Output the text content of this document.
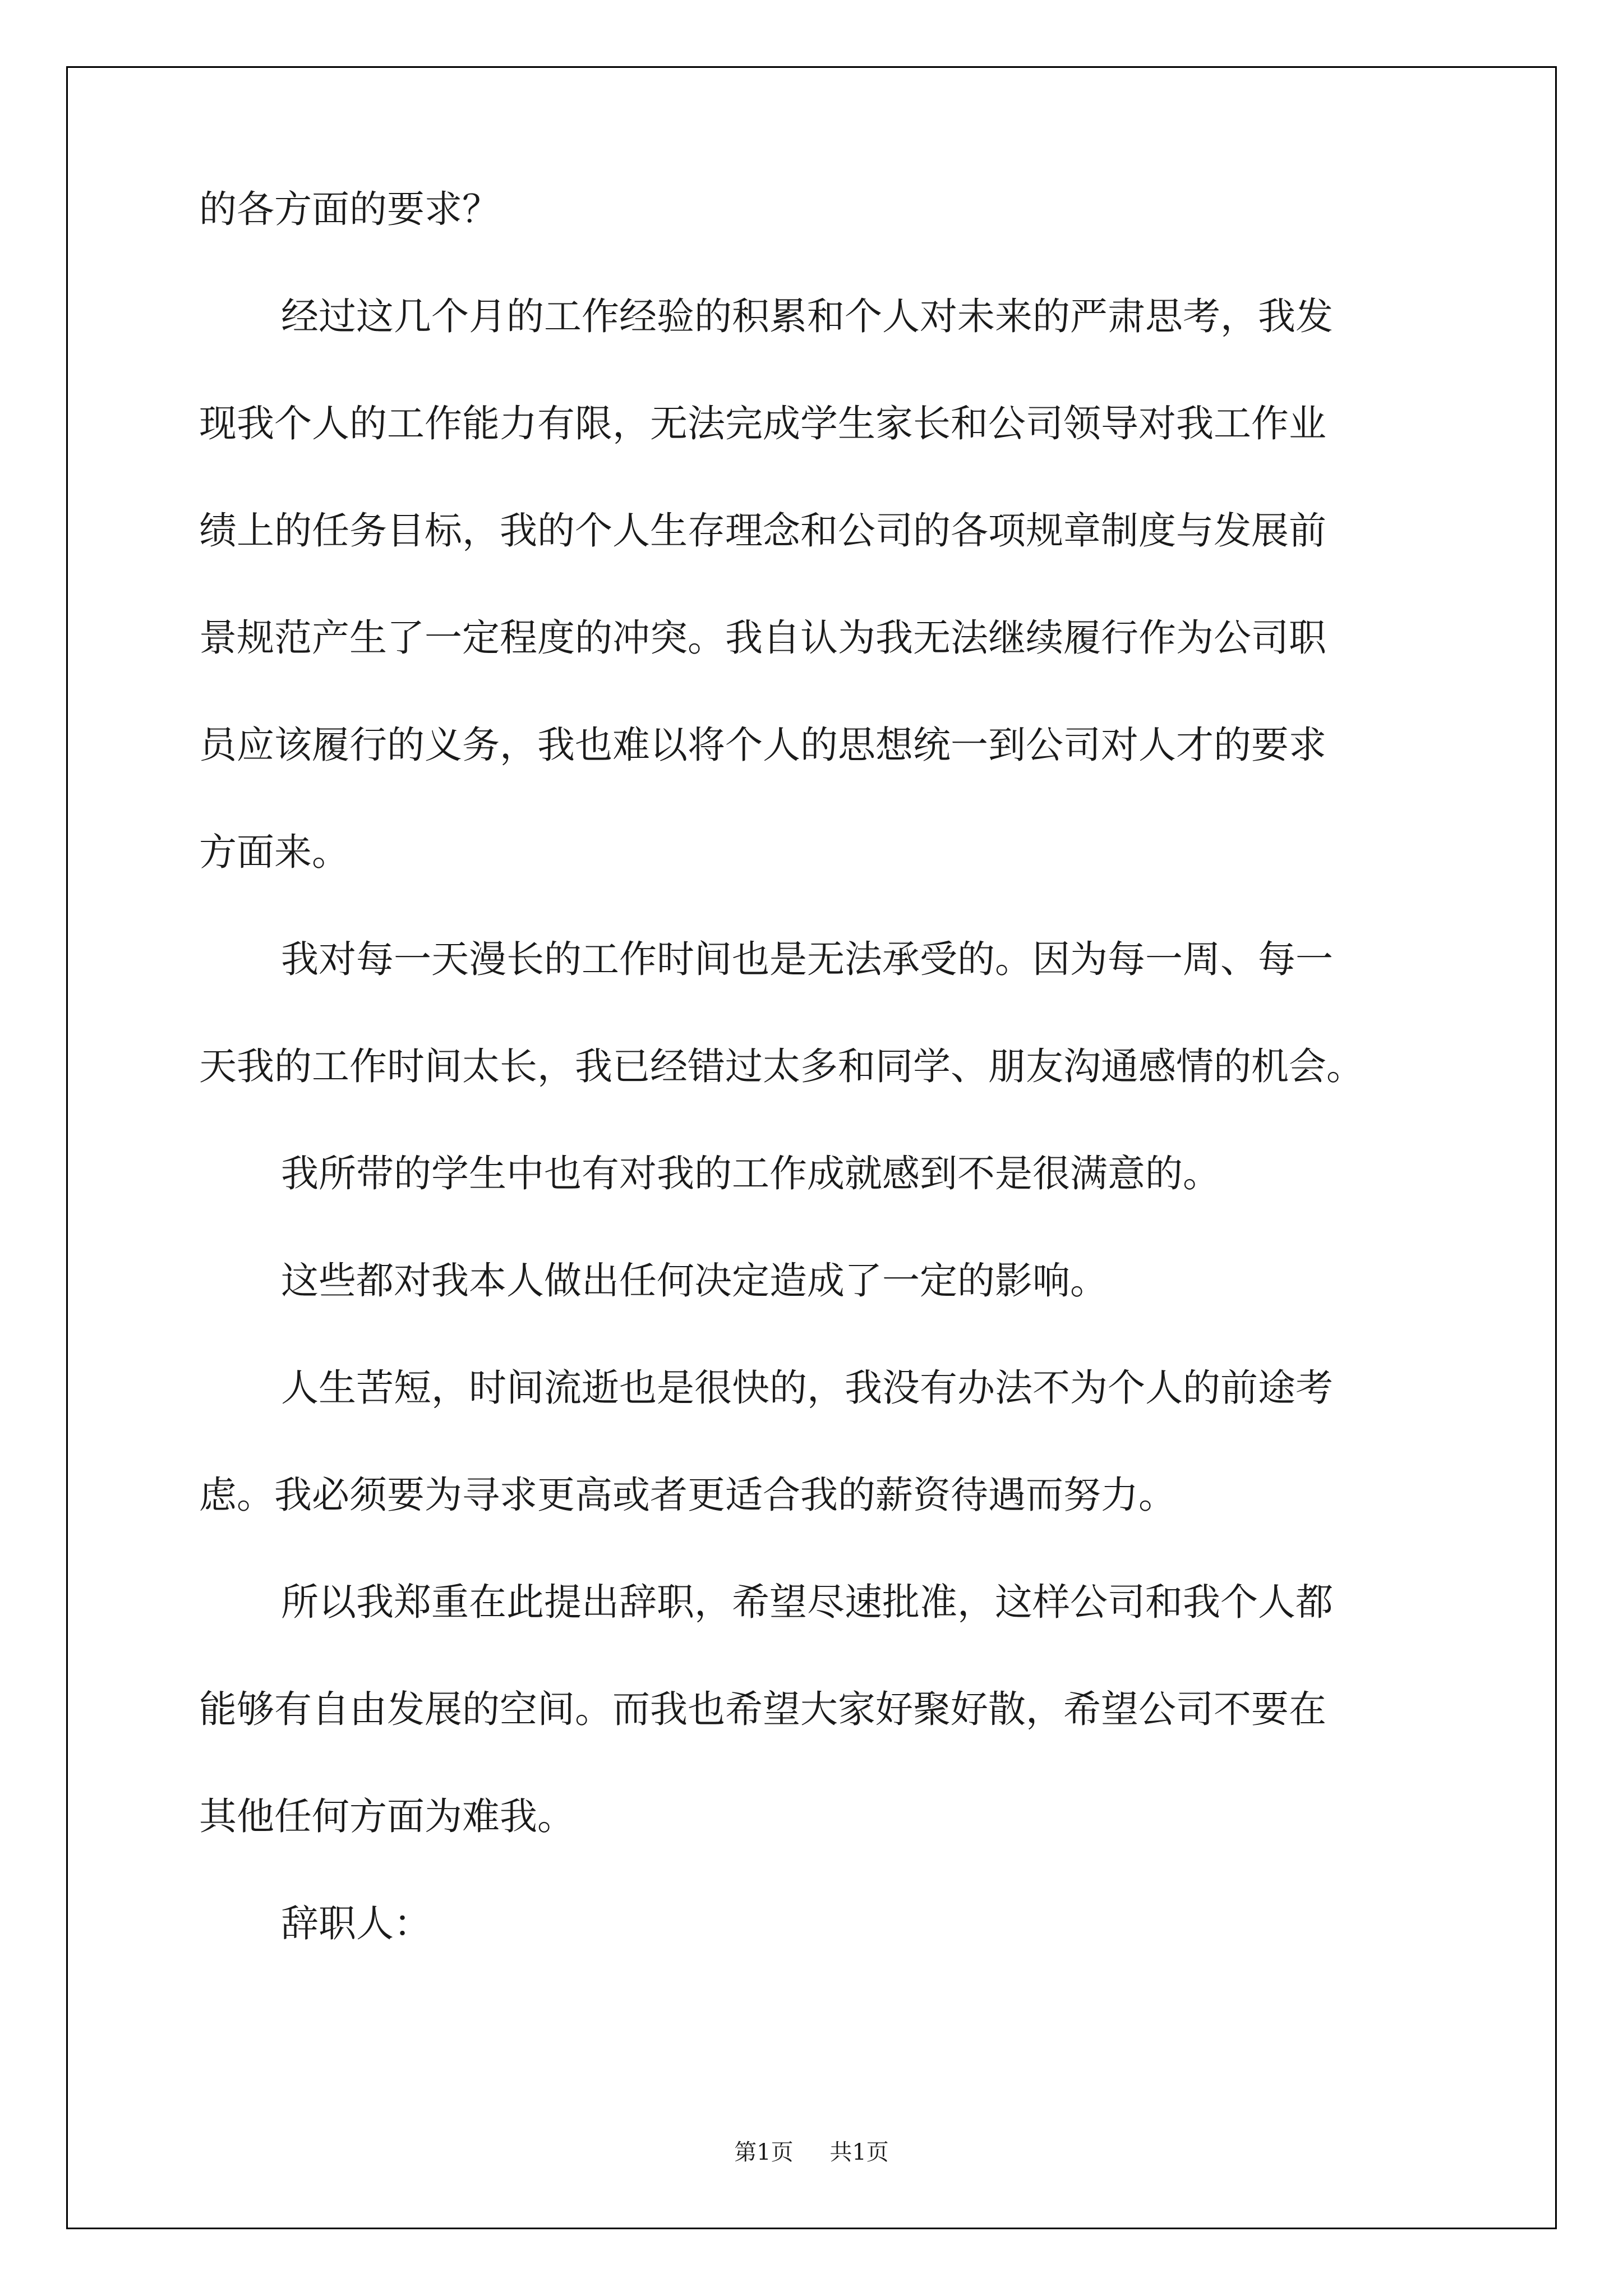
的各方面的要求？
经过这几个月的工作经验的积累和个人对未来的严肃思考，我发
现我个人的工作能力有限，无法完成学生家长和公司领导对我工作业
绩上的任务目标，我的个人生存理念和公司的各项规章制度与发展前
景规范产生了一定程度的冲突。我自认为我无法继续履行作为公司职
员应该履行的义务，我也难以将个人的思想统一到公司对人才的要求
方面来。
我对每一天漫长的工作时间也是无法承受的。因为每一周、每一
天我的工作时间太长，我已经错过太多和同学、朋友沟通感情的机会。
我所带的学生中也有对我的工作成就感到不是很满意的。
这些都对我本人做出任何决定造成了一定的影响。
人生苦短，时间流逝也是很快的，我没有办法不为个人的前途考
虑。我必须要为寻求更高或者更适合我的薪资待遇而努力。
所以我郑重在此提出辞职，希望尽速批准，这样公司和我个人都
能够有自由发展的空间。而我也希望大家好聚好散，希望公司不要在
其他任何方面为难我。
辞职人：
第1页 共1页
